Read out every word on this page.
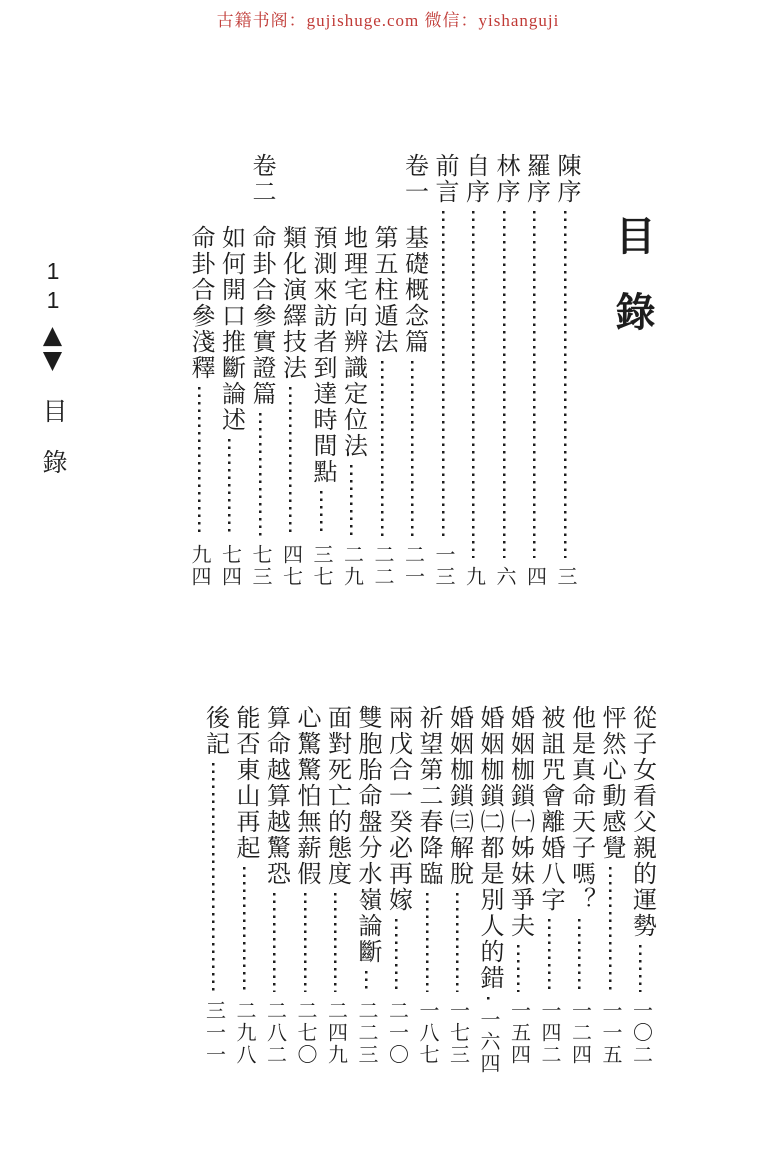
古籍书阁：gujishuge.com 微信：yishanguji
11
▲▼
目錄
目錄
陳序
三
羅序
四
林序
六
自序
九
前言
一三
卷一
基礎概念篇
二一
第五柱遁法
二二
地理宅向辨識定位法
二九
預測來訪者到達時間點
三七
類化演繹技法
四七
卷二
命卦合參實證篇
七三
如何開口推斷論述
七四
命卦合參淺釋
九四
從子女看父親的運勢
一〇二
怦然心動感覺
一一五
他是真命天子嗎？
一二四
被詛咒會離婚八字
一四二
婚姻枷鎖㈠姊妹爭夫
一五四
婚姻枷鎖㈡都是別人的錯
一六四
婚姻枷鎖㈢解脫
一七三
祈望第二春降臨
一八七
兩戊合一癸必再嫁
二一〇
雙胞胎命盤分水嶺論斷
二二三
面對死亡的態度
二四九
心驚驚怕無薪假
二七〇
算命越算越驚恐
二八二
能否東山再起
二九八
後記
三一一
